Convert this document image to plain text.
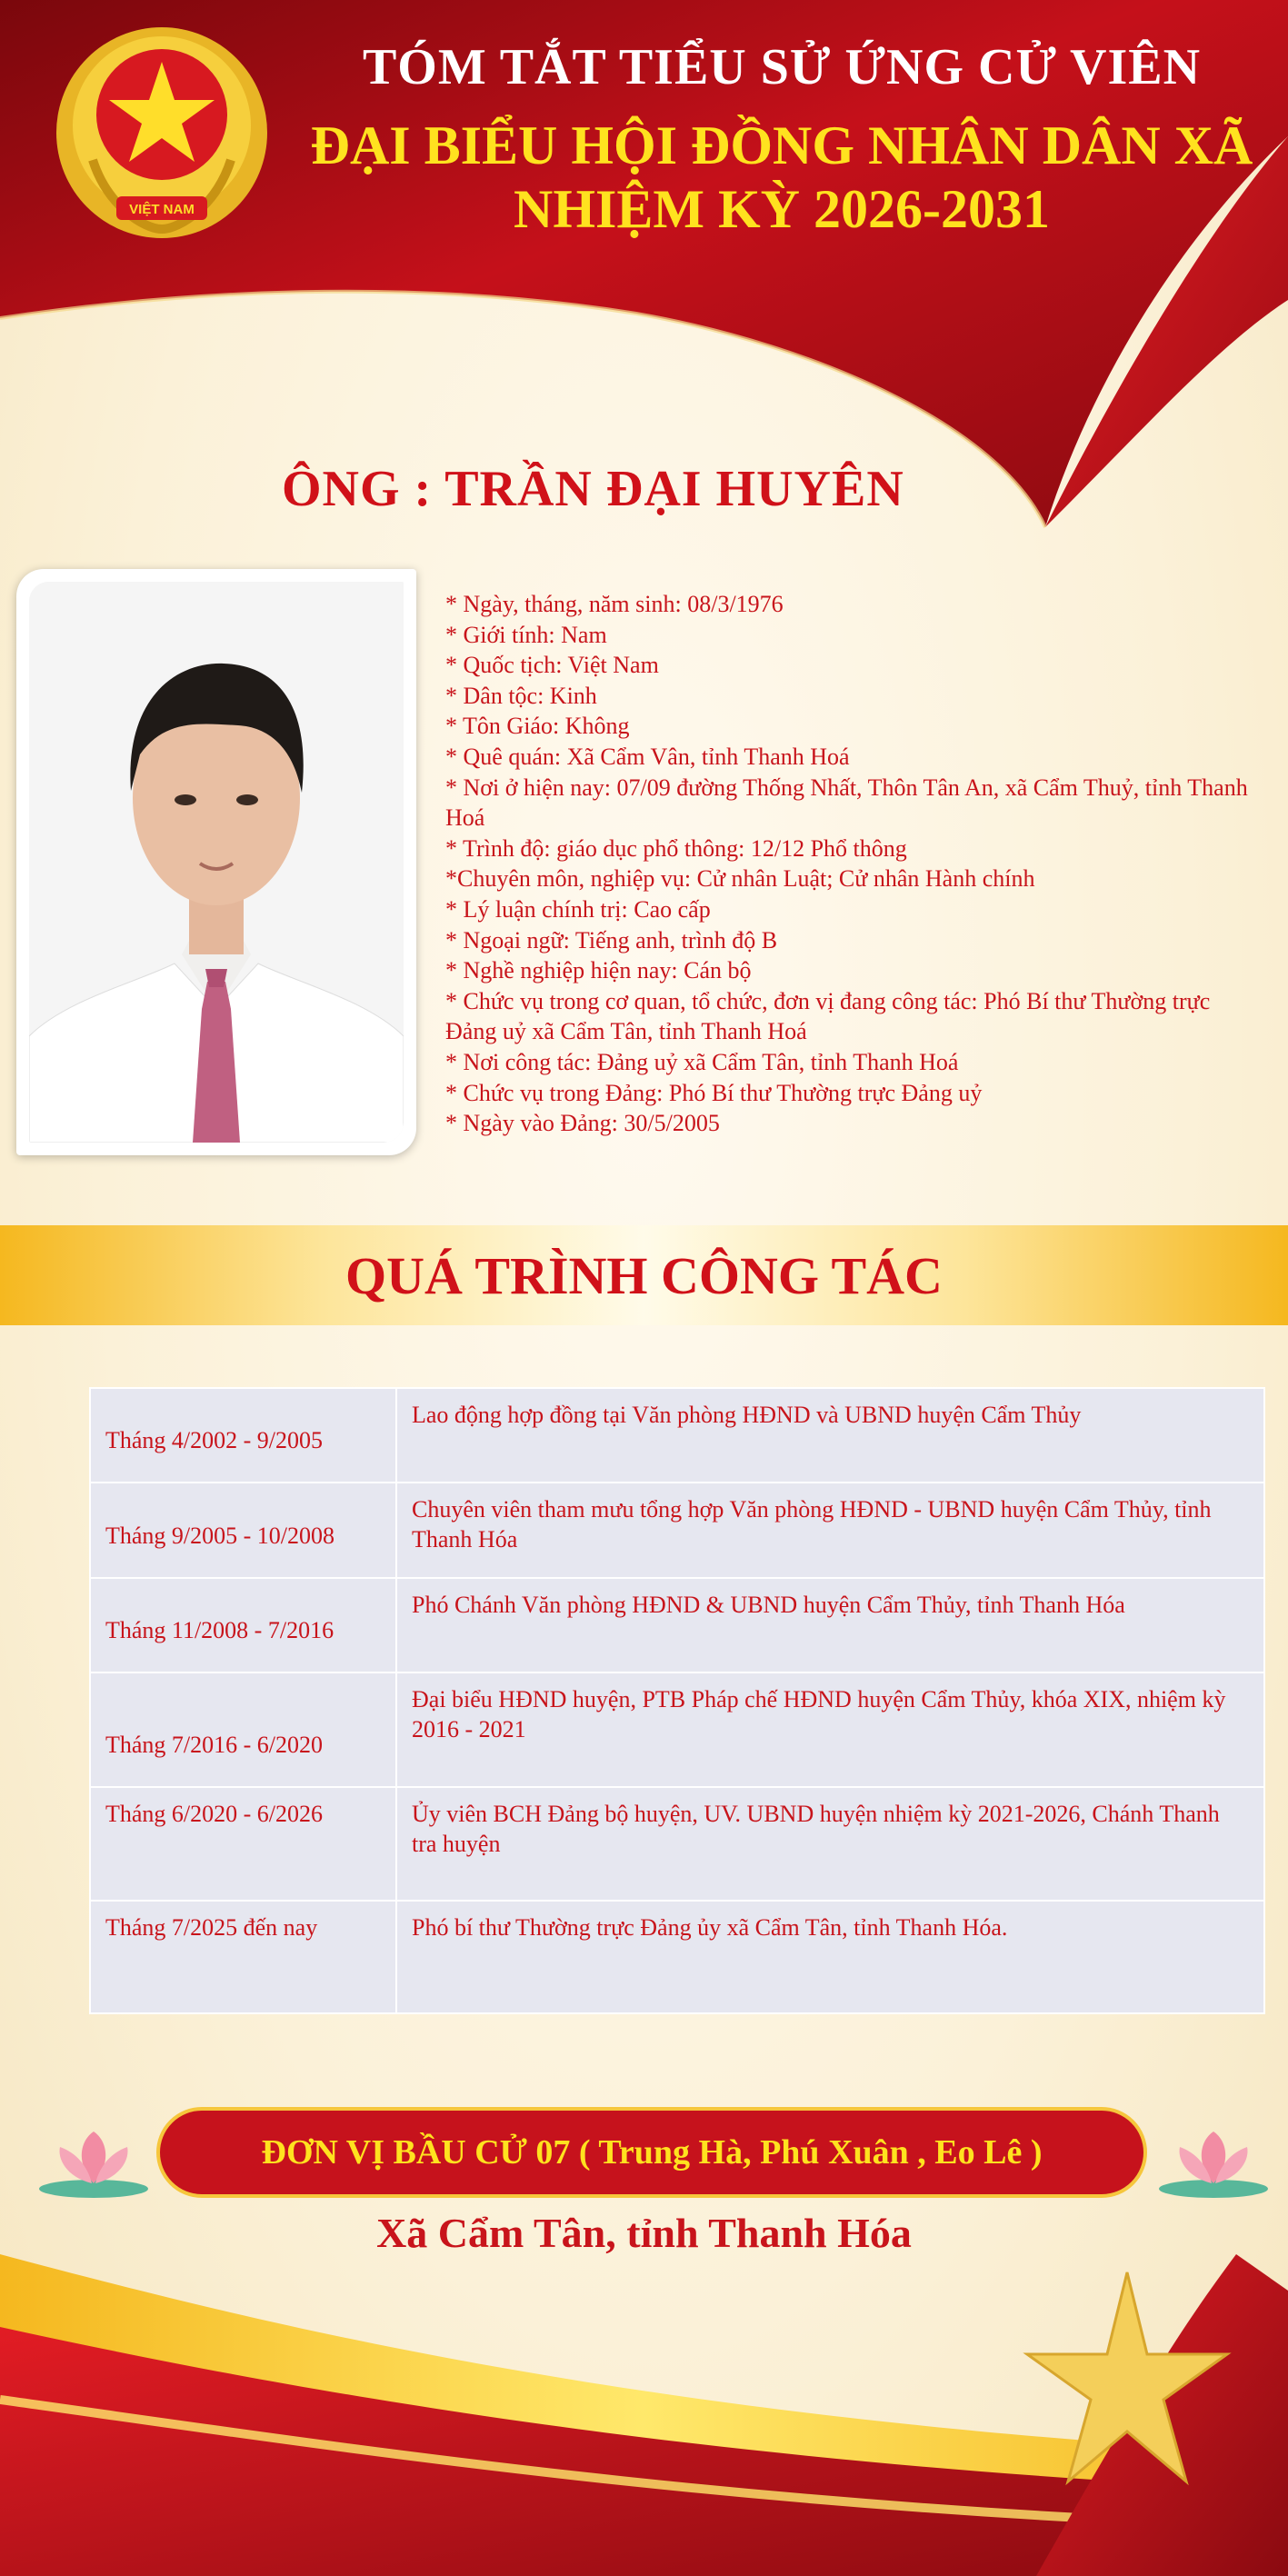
VIỆT NAM
TÓM TẮT TIỂU SỬ ỨNG CỬ VIÊN
ĐẠI BIỂU HỘI ĐỒNG NHÂN DÂN XÃ
NHIỆM KỲ 2026-2031
ÔNG : TRẦN ĐẠI HUYÊN
* Ngày, tháng, năm sinh: 08/3/1976
* Giới tính: Nam
* Quốc tịch: Việt Nam
* Dân tộc: Kinh
* Tôn Giáo: Không
* Quê quán: Xã Cẩm Vân, tỉnh Thanh Hoá
* Nơi ở hiện nay: 07/09 đường Thống Nhất, Thôn Tân An, xã Cẩm Thuỷ, tỉnh Thanh Hoá
* Trình độ: giáo dục phổ thông: 12/12 Phổ thông
*Chuyên môn, nghiệp vụ: Cử nhân Luật; Cử nhân Hành chính
* Lý luận chính trị: Cao cấp
* Ngoại ngữ: Tiếng anh, trình độ B
* Nghề nghiệp hiện nay: Cán bộ
* Chức vụ trong cơ quan, tổ chức, đơn vị đang công tác: Phó Bí thư Thường trực Đảng uỷ xã Cẩm Tân, tỉnh Thanh Hoá
* Nơi công tác: Đảng uỷ xã Cẩm Tân, tỉnh Thanh Hoá
* Chức vụ trong Đảng: Phó Bí thư Thường trực Đảng uỷ
* Ngày vào Đảng: 30/5/2005
QUÁ TRÌNH CÔNG TÁC
Tháng 4/2002 - 9/2005	Lao động hợp đồng tại Văn phòng HĐND và UBND huyện Cẩm Thủy
Tháng 9/2005 - 10/2008	Chuyên viên tham mưu tổng hợp Văn phòng HĐND - UBND huyện Cẩm Thủy, tỉnh Thanh Hóa
Tháng 11/2008 - 7/2016	Phó Chánh Văn phòng HĐND & UBND huyện Cẩm Thủy, tỉnh Thanh Hóa
Tháng 7/2016 - 6/2020	Đại biểu HĐND huyện, PTB Pháp chế HĐND huyện Cẩm Thủy, khóa XIX, nhiệm kỳ 2016 - 2021
Tháng 6/2020 - 6/2026	Ủy viên BCH Đảng bộ huyện, UV. UBND huyện nhiệm kỳ 2021-2026, Chánh Thanh tra huyện
Tháng 7/2025 đến nay	Phó bí thư Thường trực Đảng ủy xã Cẩm Tân, tỉnh Thanh Hóa.
ĐƠN VỊ BẦU CỬ 07 ( Trung Hà, Phú Xuân , Eo Lê )
Xã Cẩm Tân, tỉnh Thanh Hóa
